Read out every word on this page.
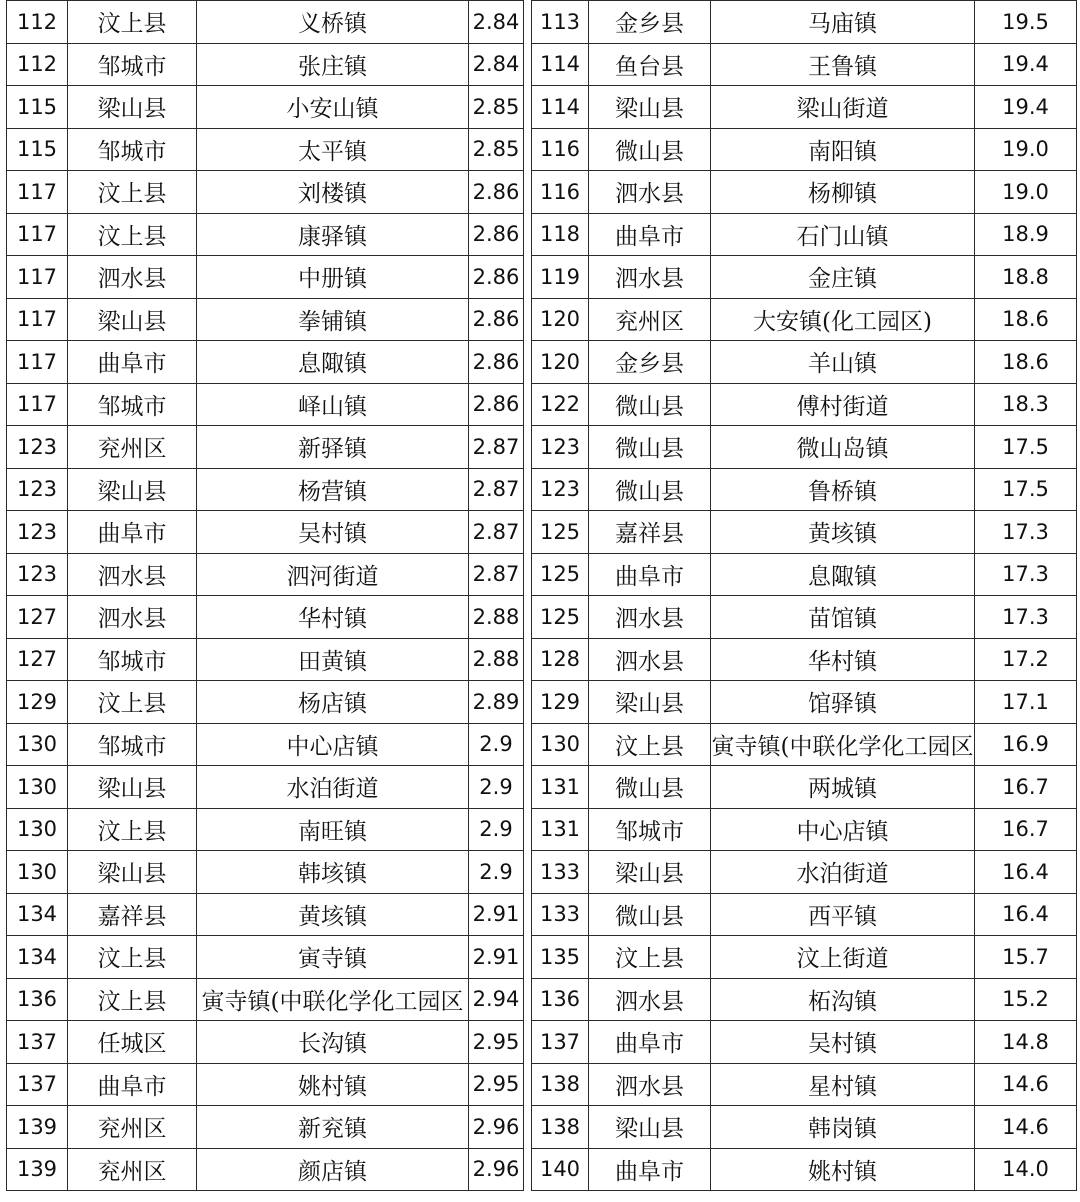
112	汶上县	义桥镇	2.84
112	邹城市	张庄镇	2.84
115	梁山县	小安山镇	2.85
115	邹城市	太平镇	2.85
117	汶上县	刘楼镇	2.86
117	汶上县	康驿镇	2.86
117	泗水县	中册镇	2.86
117	梁山县	拳铺镇	2.86
117	曲阜市	息陬镇	2.86
117	邹城市	峄山镇	2.86
123	兖州区	新驿镇	2.87
123	梁山县	杨营镇	2.87
123	曲阜市	吴村镇	2.87
123	泗水县	泗河街道	2.87
127	泗水县	华村镇	2.88
127	邹城市	田黄镇	2.88
129	汶上县	杨店镇	2.89
130	邹城市	中心店镇	2.9
130	梁山县	水泊街道	2.9
130	汶上县	南旺镇	2.9
130	梁山县	韩垓镇	2.9
134	嘉祥县	黄垓镇	2.91
134	汶上县	寅寺镇	2.91
136	汶上县	寅寺镇(中联化学化工园区	2.94
137	任城区	长沟镇	2.95
137	曲阜市	姚村镇	2.95
139	兖州区	新兖镇	2.96
139	兖州区	颜店镇	2.96
113	金乡县	马庙镇	19.5
114	鱼台县	王鲁镇	19.4
114	梁山县	梁山街道	19.4
116	微山县	南阳镇	19.0
116	泗水县	杨柳镇	19.0
118	曲阜市	石门山镇	18.9
119	泗水县	金庄镇	18.8
120	兖州区	大安镇(化工园区)	18.6
120	金乡县	羊山镇	18.6
122	微山县	傅村街道	18.3
123	微山县	微山岛镇	17.5
123	微山县	鲁桥镇	17.5
125	嘉祥县	黄垓镇	17.3
125	曲阜市	息陬镇	17.3
125	泗水县	苗馆镇	17.3
128	泗水县	华村镇	17.2
129	梁山县	馆驿镇	17.1
130	汶上县	寅寺镇(中联化学化工园区	16.9
131	微山县	两城镇	16.7
131	邹城市	中心店镇	16.7
133	梁山县	水泊街道	16.4
133	微山县	西平镇	16.4
135	汶上县	汶上街道	15.7
136	泗水县	柘沟镇	15.2
137	曲阜市	吴村镇	14.8
138	泗水县	星村镇	14.6
138	梁山县	韩岗镇	14.6
140	曲阜市	姚村镇	14.0
